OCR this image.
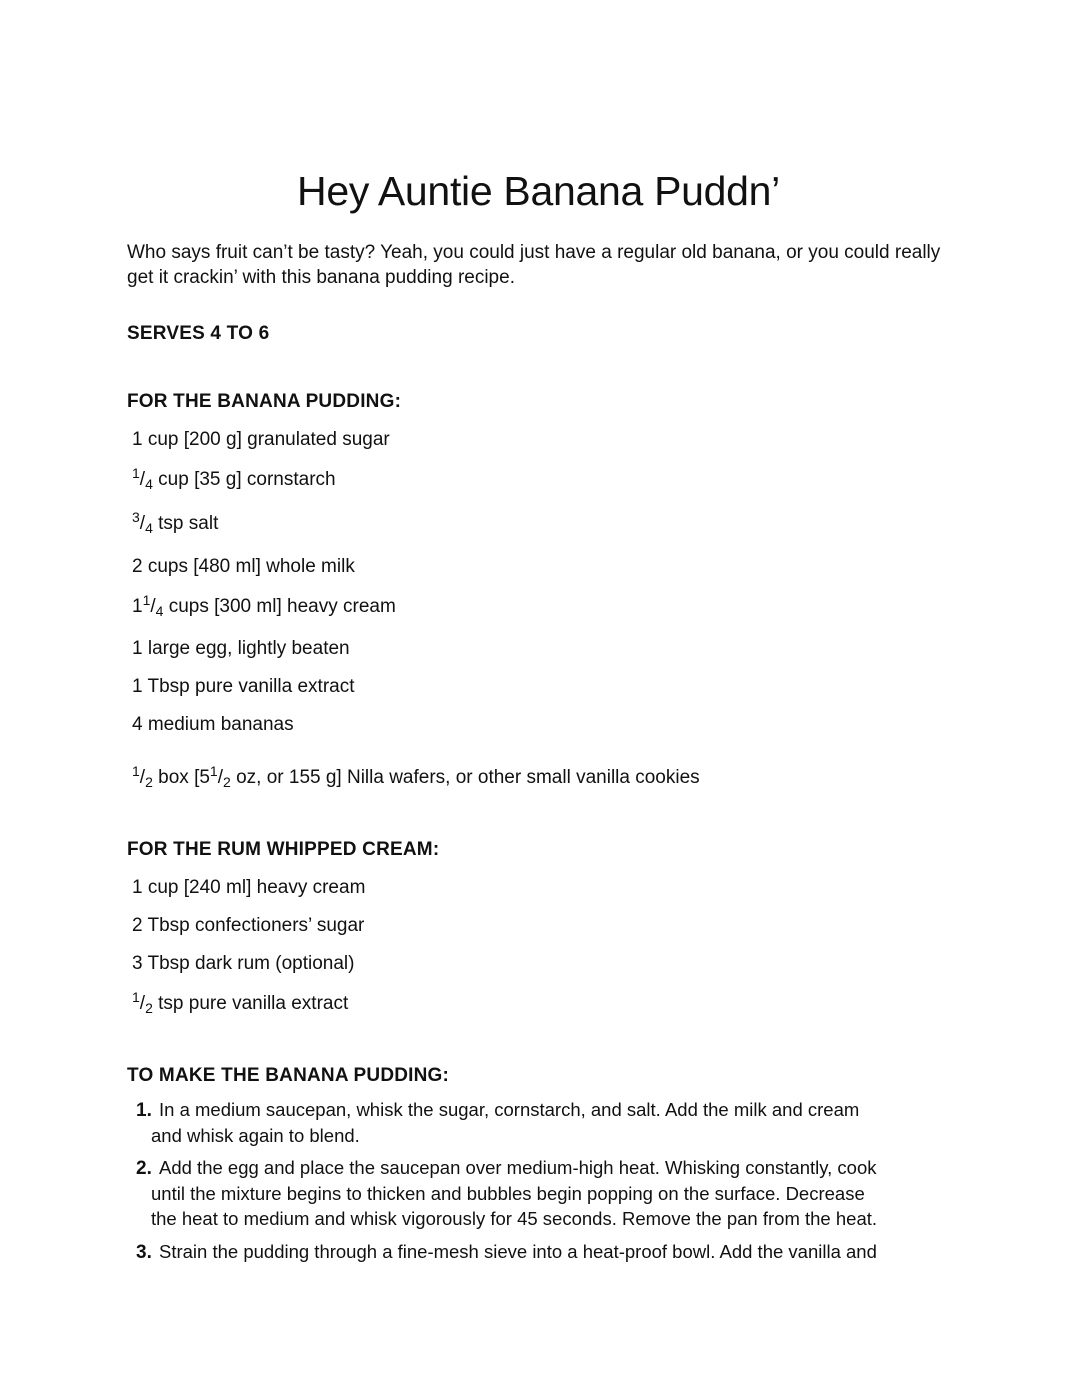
Hey Auntie Banana Puddn’

Who says fruit can’t be tasty? Yeah, you could just have a regular old banana, or you could really get it crackin’ with this banana pudding recipe.

SERVES 4 TO 6

FOR THE BANANA PUDDING:

1 cup [200 g] granulated sugar

1/4 cup [35 g] cornstarch

3/4 tsp salt

2 cups [480 ml] whole milk

11/4 cups [300 ml] heavy cream

1 large egg, lightly beaten

1 Tbsp pure vanilla extract

4 medium bananas

1/2 box [51/2 oz, or 155 g] Nilla wafers, or other small vanilla cookies

FOR THE RUM WHIPPED CREAM:

1 cup [240 ml] heavy cream

2 Tbsp confectioners’ sugar

3 Tbsp dark rum (optional)

1/2 tsp pure vanilla extract

TO MAKE THE BANANA PUDDING:

1. In a medium saucepan, whisk the sugar, cornstarch, and salt. Add the milk and cream
and whisk again to blend.
2. Add the egg and place the saucepan over medium-high heat. Whisking constantly, cook
until the mixture begins to thicken and bubbles begin popping on the surface. Decrease
the heat to medium and whisk vigorously for 45 seconds. Remove the pan from the heat.
3. Strain the pudding through a fine-mesh sieve into a heat-proof bowl. Add the vanilla and
